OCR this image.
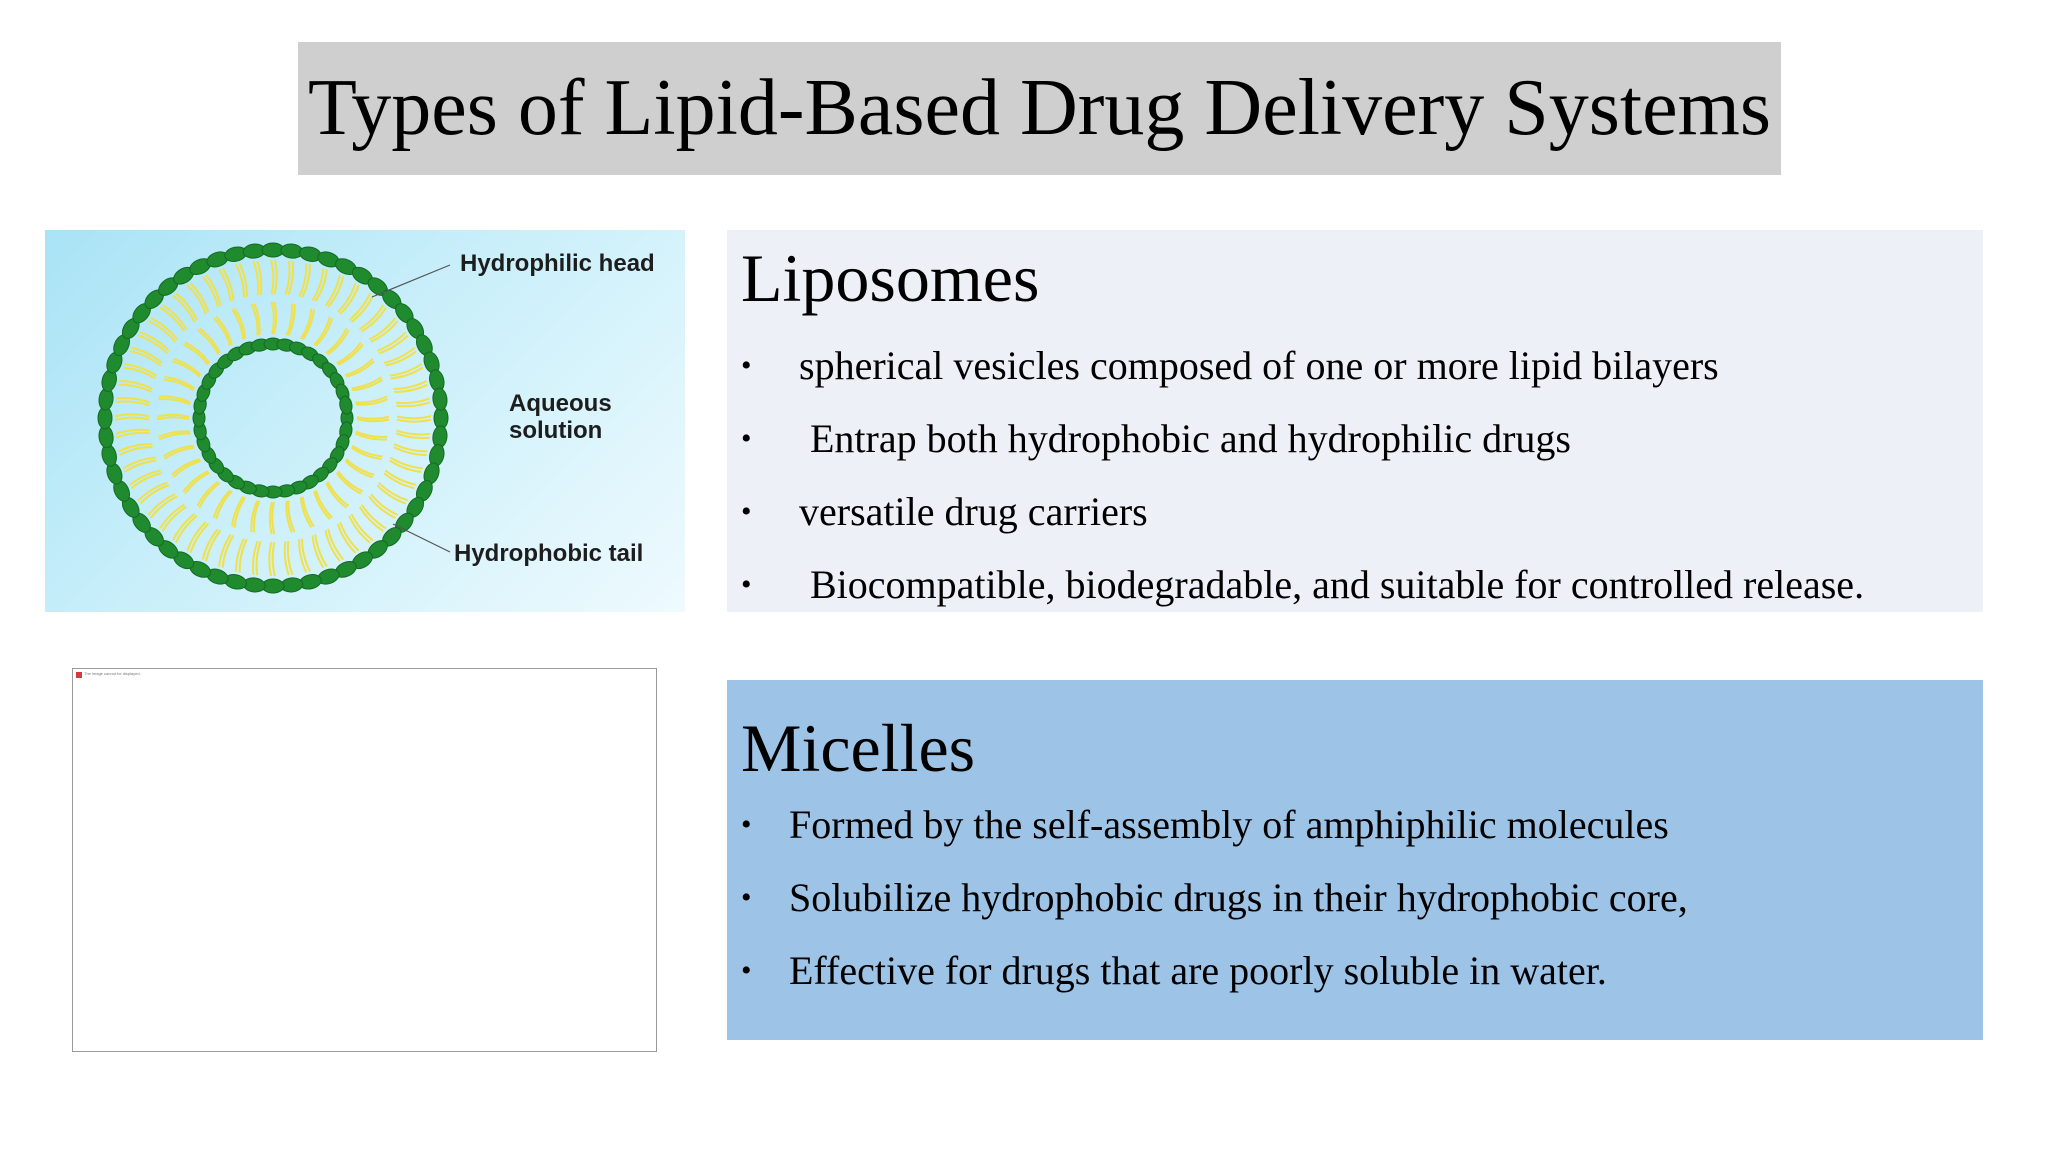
Types of Lipid-Based Drug Delivery Systems
Hydrophilic head
Aqueous
solution
Hydrophobic tail
The image cannot be displayed.
Liposomes
• spherical vesicles composed of one or more lipid bilayers
• Entrap both hydrophobic and hydrophilic drugs
• versatile drug carriers
• Biocompatible, biodegradable, and suitable for controlled release.
Micelles
• Formed by the self-assembly of amphiphilic molecules
• Solubilize hydrophobic drugs in their hydrophobic core,
• Effective for drugs that are poorly soluble in water.
